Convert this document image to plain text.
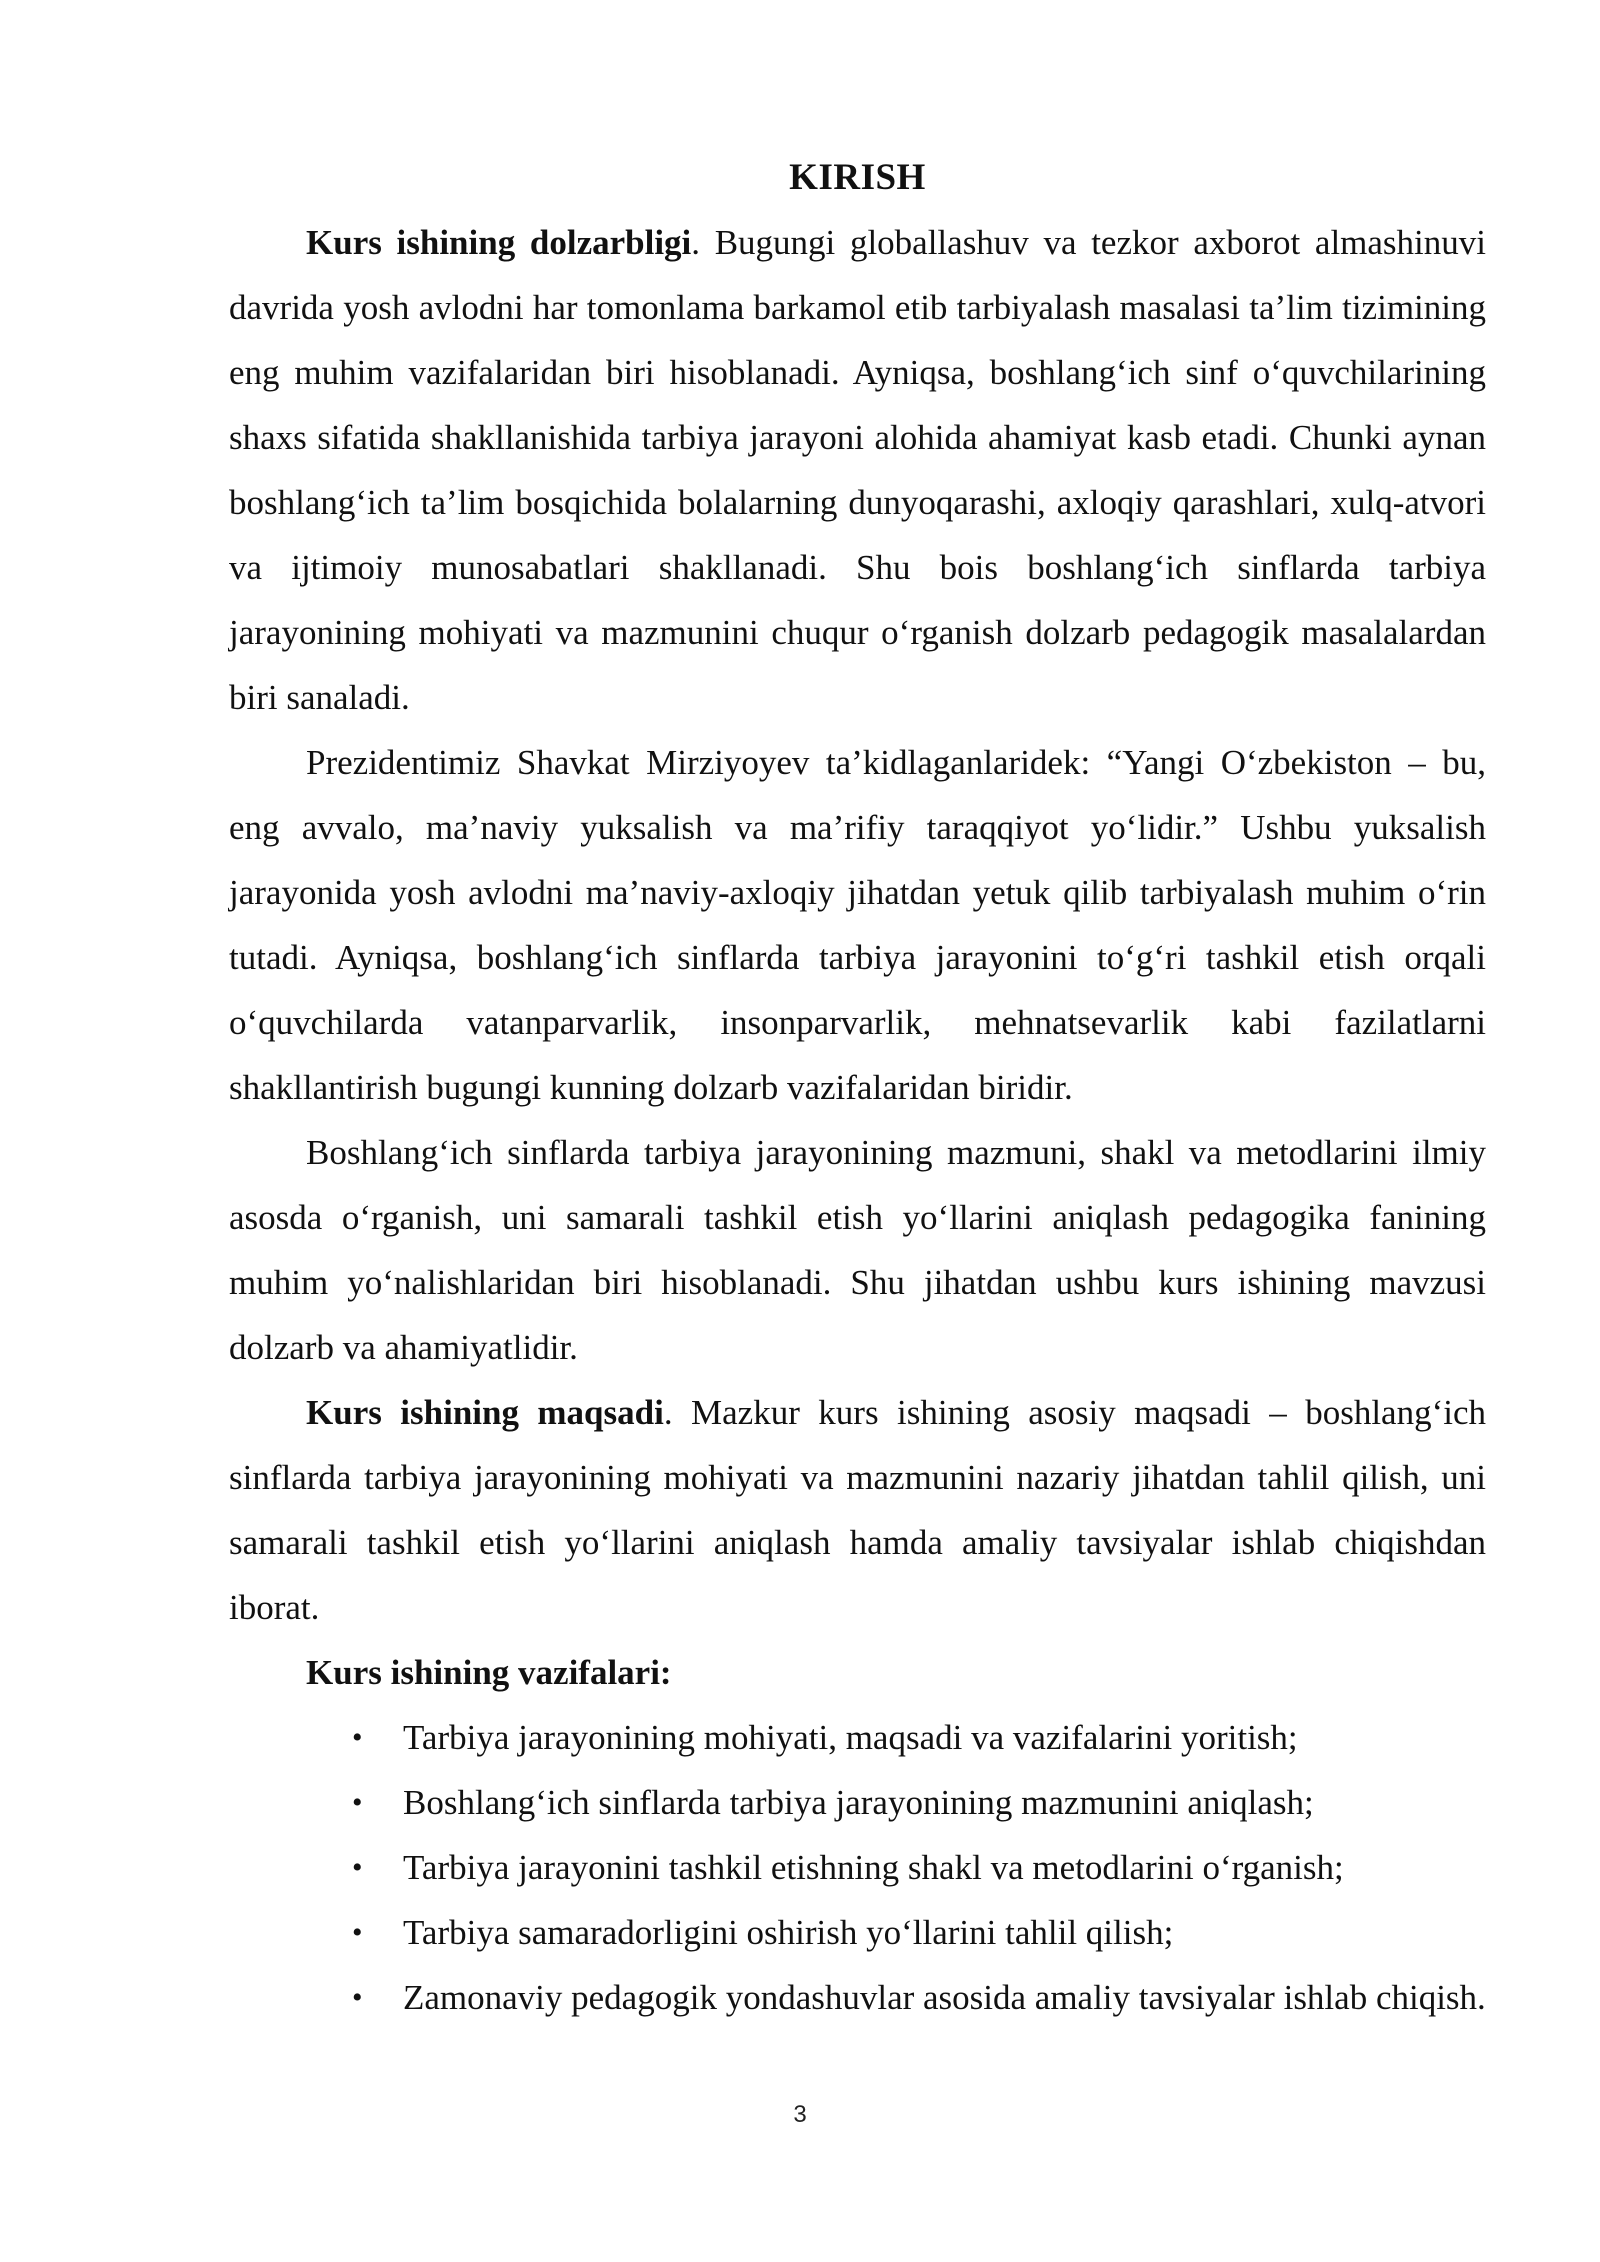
KIRISH

Kurs ishining dolzarbligi. Bugungi globallashuv va tezkor axborot almashinuvi davrida yosh avlodni har tomonlama barkamol etib tarbiyalash masalasi ta’lim tizimining eng muhim vazifalaridan biri hisoblanadi. Ayniqsa, boshlang‘ich sinf o‘quvchilarining shaxs sifatida shakllanishida tarbiya jarayoni alohida ahamiyat kasb etadi. Chunki aynan boshlang‘ich ta’lim bosqichida bolalarning dunyoqarashi, axloqiy qarashlari, xulq-atvori va ijtimoiy munosabatlari shakllanadi. Shu bois boshlang‘ich sinflarda tarbiya jarayonining mohiyati va mazmunini chuqur o‘rganish dolzarb pedagogik masalalardan biri sanaladi.

Prezidentimiz Shavkat Mirziyoyev ta’kidlaganlaridek: “Yangi O‘zbekiston – bu, eng avvalo, ma’naviy yuksalish va ma’rifiy taraqqiyot yo‘lidir.” Ushbu yuksalish jarayonida yosh avlodni ma’naviy-axloqiy jihatdan yetuk qilib tarbiyalash muhim o‘rin tutadi. Ayniqsa, boshlang‘ich sinflarda tarbiya jarayonini to‘g‘ri tashkil etish orqali o‘quvchilarda vatanparvarlik, insonparvarlik, mehnatsevarlik kabi fazilatlarni shakllantirish bugungi kunning dolzarb vazifalaridan biridir.

Boshlang‘ich sinflarda tarbiya jarayonining mazmuni, shakl va metodlarini ilmiy asosda o‘rganish, uni samarali tashkil etish yo‘llarini aniqlash pedagogika fanining muhim yo‘nalishlaridan biri hisoblanadi. Shu jihatdan ushbu kurs ishining mavzusi dolzarb va ahamiyatlidir.

Kurs ishining maqsadi. Mazkur kurs ishining asosiy maqsadi – boshlang‘ich sinflarda tarbiya jarayonining mohiyati va mazmunini nazariy jihatdan tahlil qilish, uni samarali tashkil etish yo‘llarini aniqlash hamda amaliy tavsiyalar ishlab chiqishdan iborat.

Kurs ishining vazifalari:

• Tarbiya jarayonining mohiyati, maqsadi va vazifalarini yoritish;
• Boshlang‘ich sinflarda tarbiya jarayonining mazmunini aniqlash;
• Tarbiya jarayonini tashkil etishning shakl va metodlarini o‘rganish;
• Tarbiya samaradorligini oshirish yo‘llarini tahlil qilish;
• Zamonaviy pedagogik yondashuvlar asosida amaliy tavsiyalar ishlab chiqish.
3
